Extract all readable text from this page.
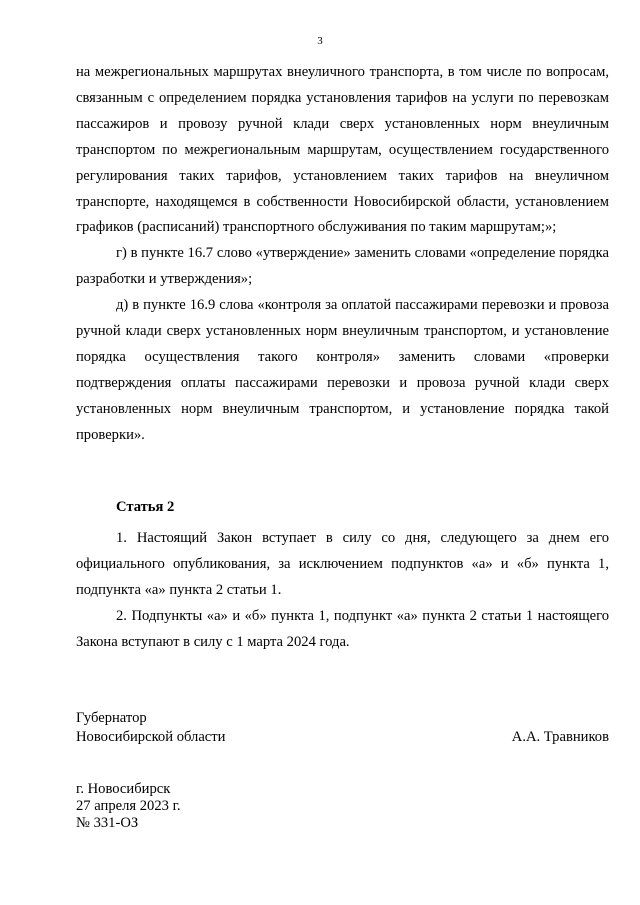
3

на межрегиональных маршрутах внеуличного транспорта, в том числе по вопросам, связанным с определением порядка установления тарифов на услуги по перевозкам пассажиров и провозу ручной клади сверх установленных норм внеуличным транспортом по межрегиональным маршрутам, осуществлением государственного регулирования таких тарифов, установлением таких тарифов на внеуличном транспорте, находящемся в собственности Новосибирской области, установлением графиков (расписаний) транспортного обслуживания по таким маршрутам;»;

г) в пункте 16.7 слово «утверждение» заменить словами «определение порядка разработки и утверждения»;

д) в пункте 16.9 слова «контроля за оплатой пассажирами перевозки и провоза ручной клади сверх установленных норм внеуличным транспортом, и установление порядка осуществления такого контроля» заменить словами «проверки подтверждения оплаты пассажирами перевозки и провоза ручной клади сверх установленных норм внеуличным транспортом, и установление порядка такой проверки».

Статья 2

1. Настоящий Закон вступает в силу со дня, следующего за днем его официального опубликования, за исключением подпунктов «а» и «б» пункта 1, подпункта «а» пункта 2 статьи 1.

2. Подпункты «а» и «б» пункта 1, подпункт «а» пункта 2 статьи 1 настоящего Закона вступают в силу с 1 марта 2024 года.

Губернатор
Новосибирской области	А.А. Травников
г. Новосибирск
27 апреля 2023 г.
№ 331-ОЗ
